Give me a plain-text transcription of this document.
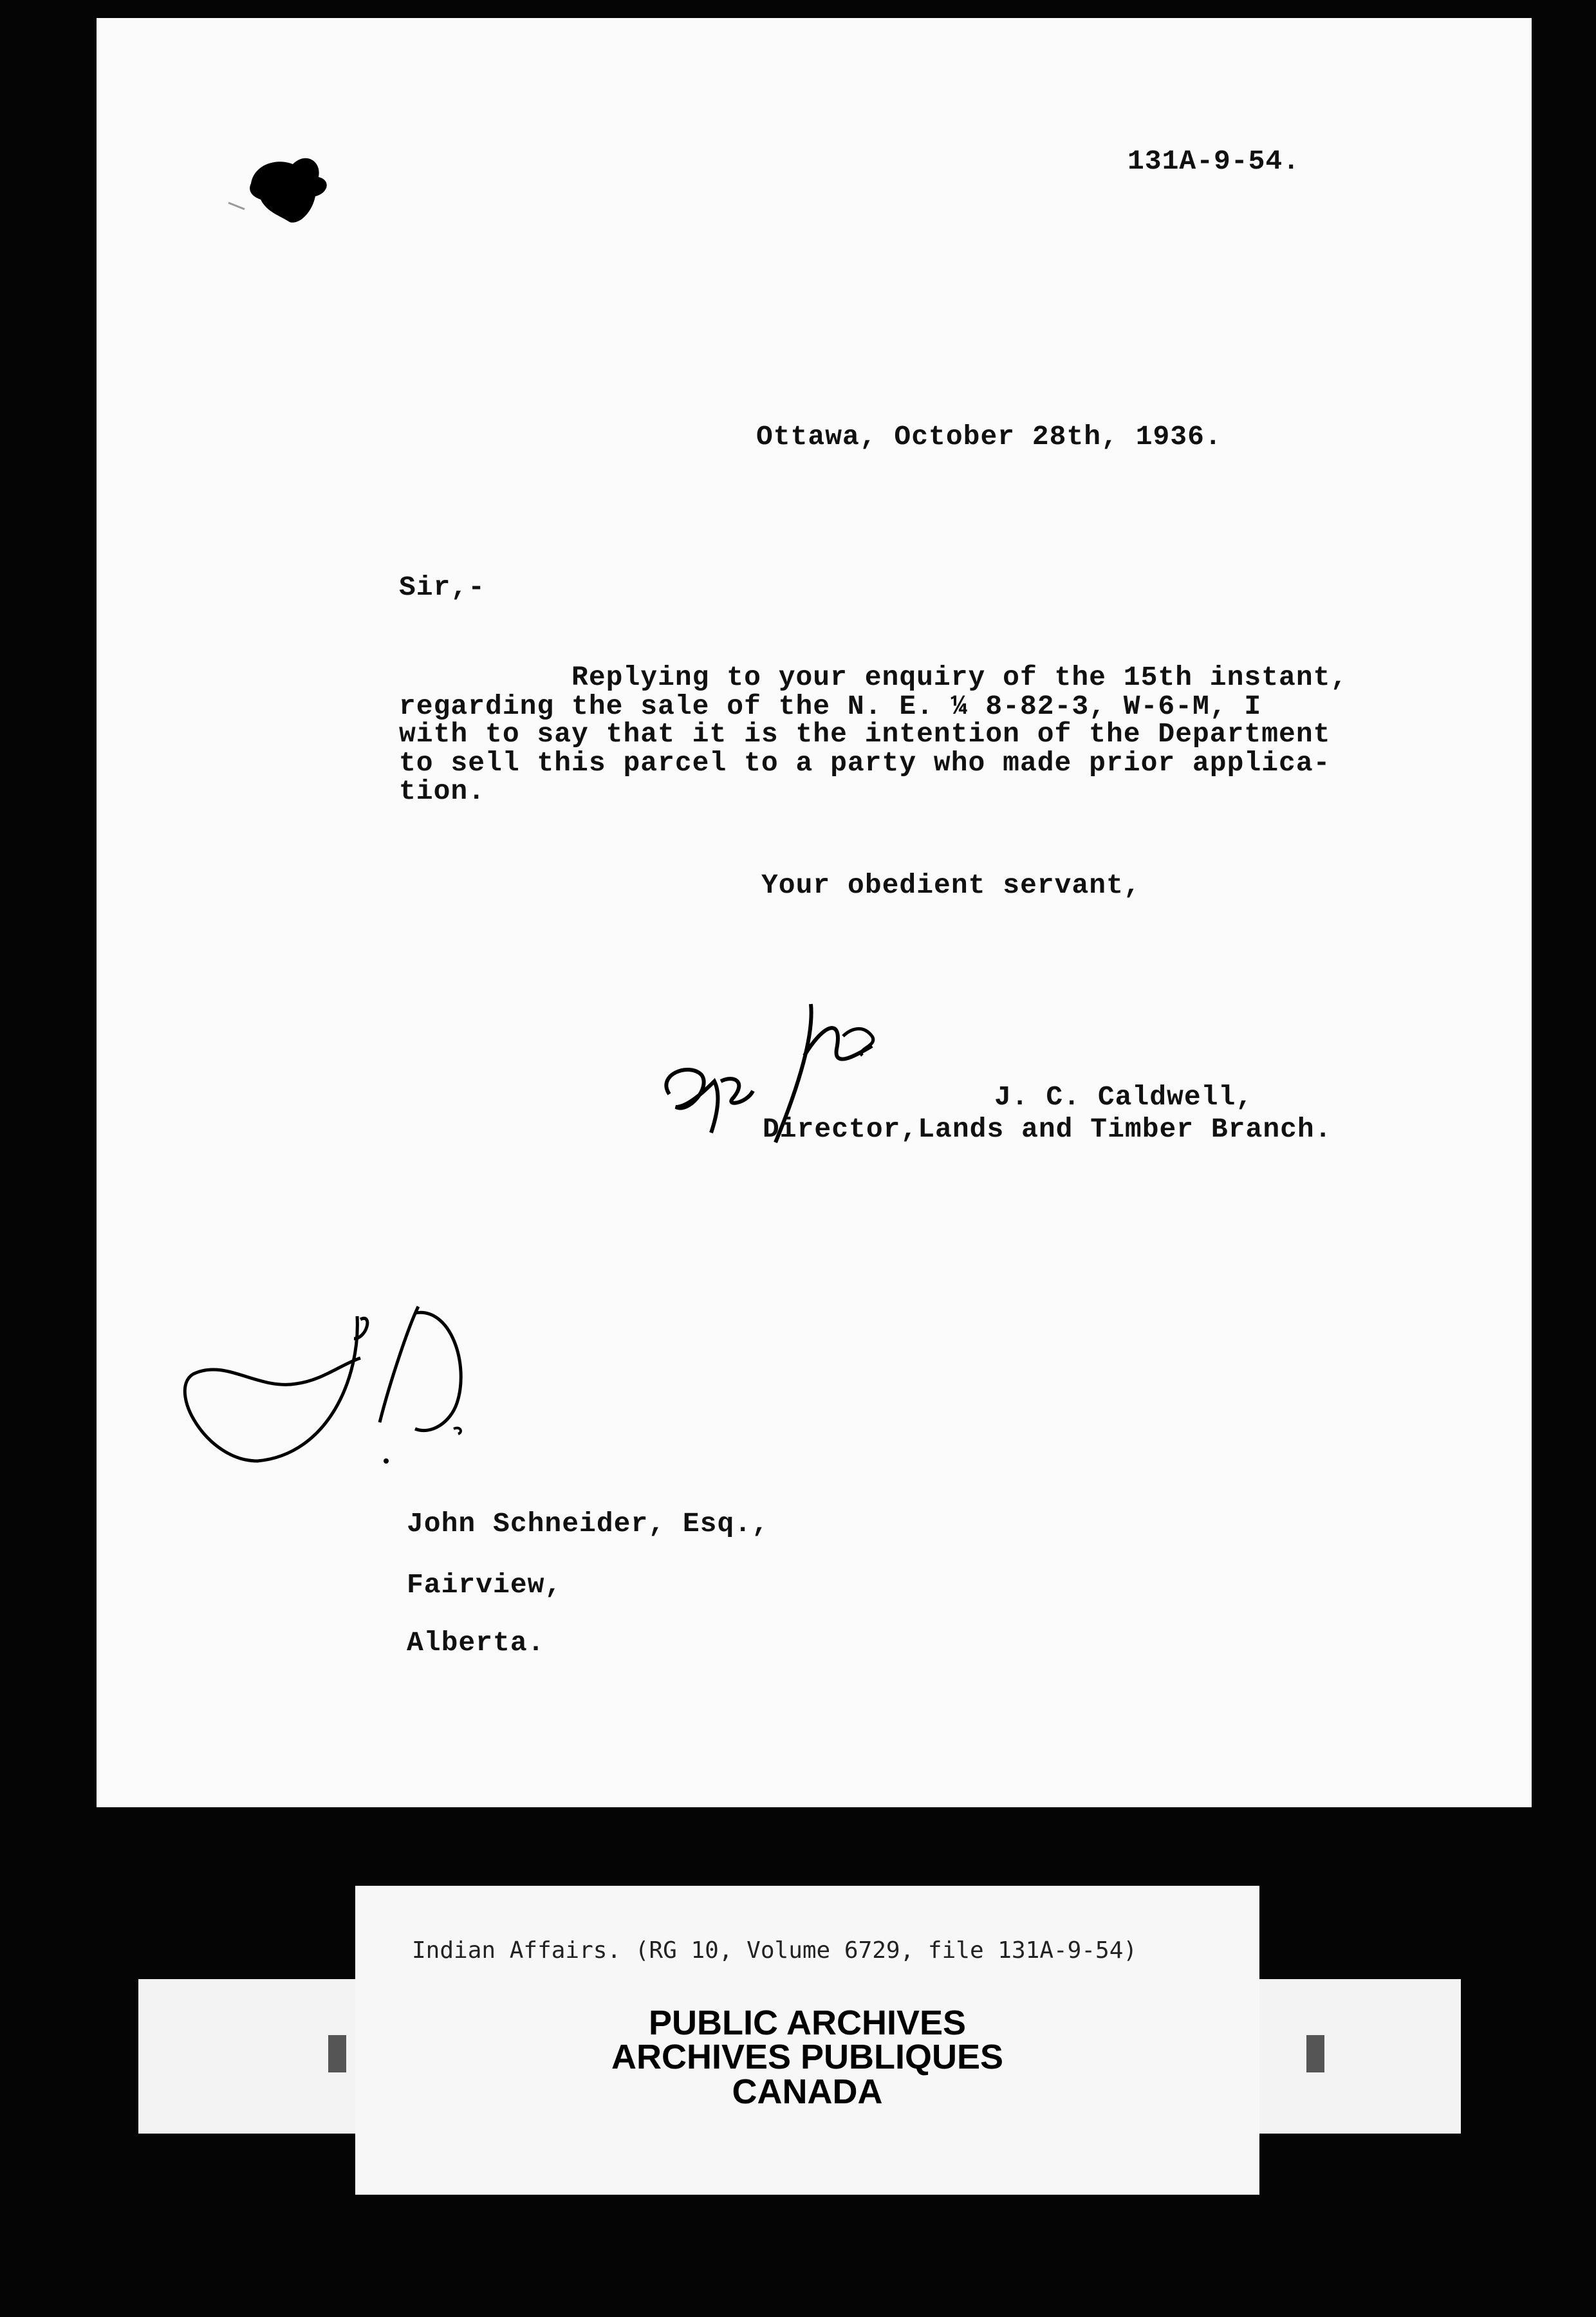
131A-9-54.
Ottawa, October 28th, 1936.
Sir,-
Replying to your enquiry of the 15th instant,
regarding the sale of the N. E. ¼ 8-82-3, W-6-M, I
with to say that it is the intention of the Department
to sell this parcel to a party who made prior applica-
tion.
Your obedient servant,
J. C. Caldwell,
Director,Lands and Timber Branch.
John Schneider, Esq.,
Fairview,
Alberta.
Indian Affairs. (RG 10, Volume 6729, file 131A-9-54)
PUBLIC ARCHIVES
ARCHIVES PUBLIQUES
CANADA
